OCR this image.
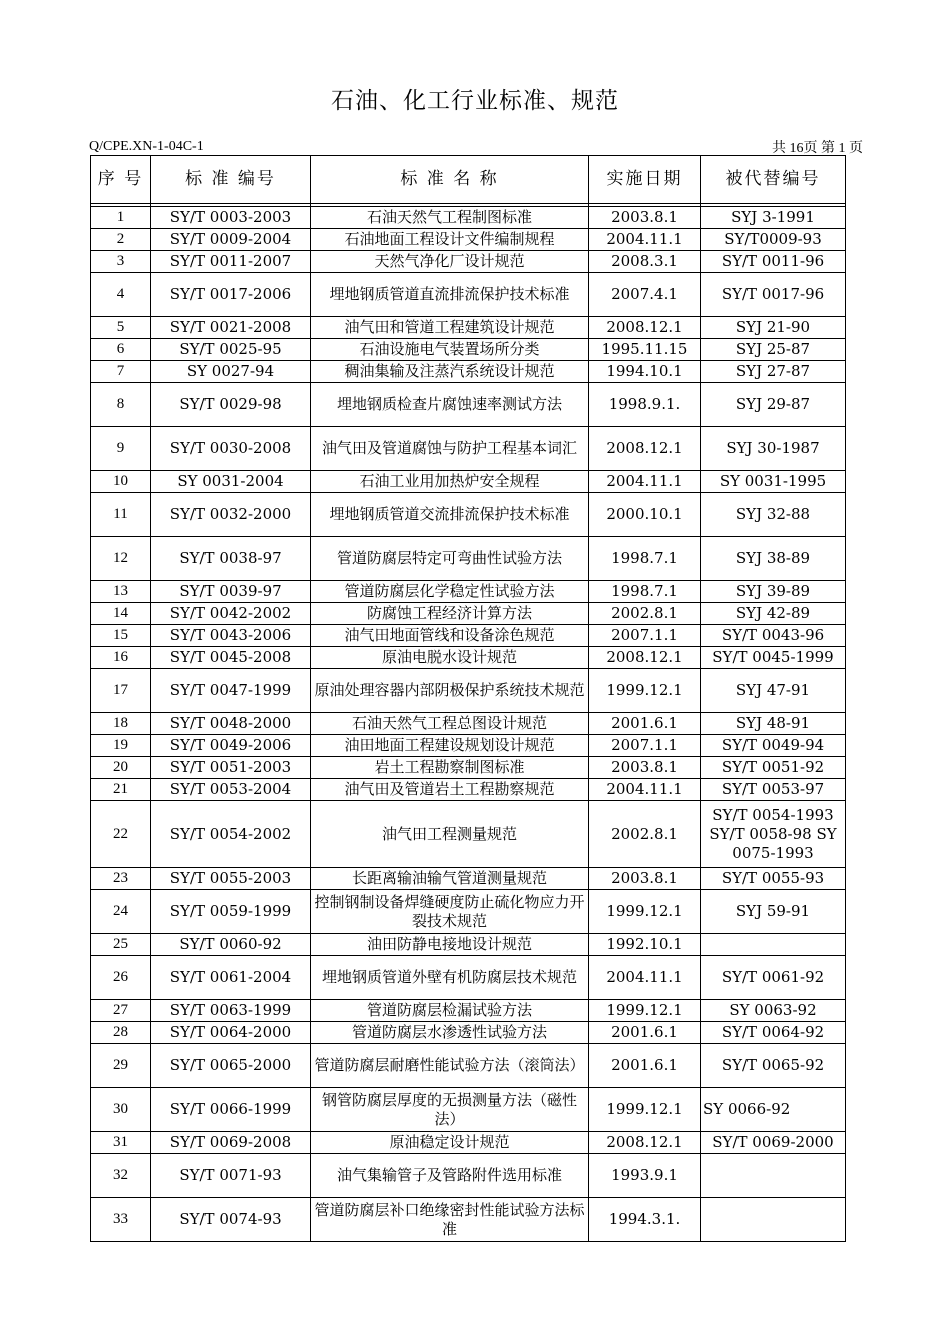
石油、化工行业标准、规范
Q/CPE.XN-1-04C-1	共 16页 第 1 页
序 号	标 准 编号	标 准 名 称	实施日期	被代替编号

1	SY/T 0003-2003	石油天然气工程制图标准	2003.8.1	SYJ 3-1991
2	SY/T 0009-2004	石油地面工程设计文件编制规程	2004.11.1	SY/T0009-93
3	SY/T 0011-2007	天然气净化厂设计规范	2008.3.1	SY/T 0011-96
4	SY/T 0017-2006	埋地钢质管道直流排流保护技术标准	2007.4.1	SY/T 0017-96
5	SY/T 0021-2008	油气田和管道工程建筑设计规范	2008.12.1	SYJ 21-90
6	SY/T 0025-95	石油设施电气装置场所分类	1995.11.15	SYJ 25-87
7	SY 0027-94	稠油集输及注蒸汽系统设计规范	1994.10.1	SYJ 27-87
8	SY/T 0029-98	埋地钢质检查片腐蚀速率测试方法	1998.9.1.	SYJ 29-87
9	SY/T 0030-2008	油气田及管道腐蚀与防护工程基本词汇	2008.12.1	SYJ 30-1987
10	SY 0031-2004	石油工业用加热炉安全规程	2004.11.1	SY 0031-1995
11	SY/T 0032-2000	埋地钢质管道交流排流保护技术标准	2000.10.1	SYJ 32-88
12	SY/T 0038-97	管道防腐层特定可弯曲性试验方法	1998.7.1	SYJ 38-89
13	SY/T 0039-97	管道防腐层化学稳定性试验方法	1998.7.1	SYJ 39-89
14	SY/T 0042-2002	防腐蚀工程经济计算方法	2002.8.1	SYJ 42-89
15	SY/T 0043-2006	油气田地面管线和设备涂色规范	2007.1.1	SY/T 0043-96
16	SY/T 0045-2008	原油电脱水设计规范	2008.12.1	SY/T 0045-1999
17	SY/T 0047-1999	原油处理容器内部阴极保护系统技术规范	1999.12.1	SYJ 47-91
18	SY/T 0048-2000	石油天然气工程总图设计规范	2001.6.1	SYJ 48-91
19	SY/T 0049-2006	油田地面工程建设规划设计规范	2007.1.1	SY/T 0049-94
20	SY/T 0051-2003	岩土工程勘察制图标准	2003.8.1	SY/T 0051-92
21	SY/T 0053-2004	油气田及管道岩土工程勘察规范	2004.11.1	SY/T 0053-97
22	SY/T 0054-2002	油气田工程测量规范	2002.8.1	SY/T 0054-1993 SY/T 0058-98 SY 0075-1993
23	SY/T 0055-2003	长距离输油输气管道测量规范	2003.8.1	SY/T 0055-93
24	SY/T 0059-1999	控制钢制设备焊缝硬度防止硫化物应力开裂技术规范	1999.12.1	SYJ 59-91
25	SY/T 0060-92	油田防静电接地设计规范	1992.10.1	
26	SY/T 0061-2004	埋地钢质管道外壁有机防腐层技术规范	2004.11.1	SY/T 0061-92
27	SY/T 0063-1999	管道防腐层检漏试验方法	1999.12.1	SY 0063-92
28	SY/T 0064-2000	管道防腐层水渗透性试验方法	2001.6.1	SY/T 0064-92
29	SY/T 0065-2000	管道防腐层耐磨性能试验方法（滚筒法）	2001.6.1	SY/T 0065-92
30	SY/T 0066-1999	钢管防腐层厚度的无损测量方法（磁性法）	1999.12.1	SY 0066-92
31	SY/T 0069-2008	原油稳定设计规范	2008.12.1	SY/T 0069-2000
32	SY/T 0071-93	油气集输管子及管路附件选用标准	1993.9.1	
33	SY/T 0074-93	管道防腐层补口绝缘密封性能试验方法标准	1994.3.1.	
